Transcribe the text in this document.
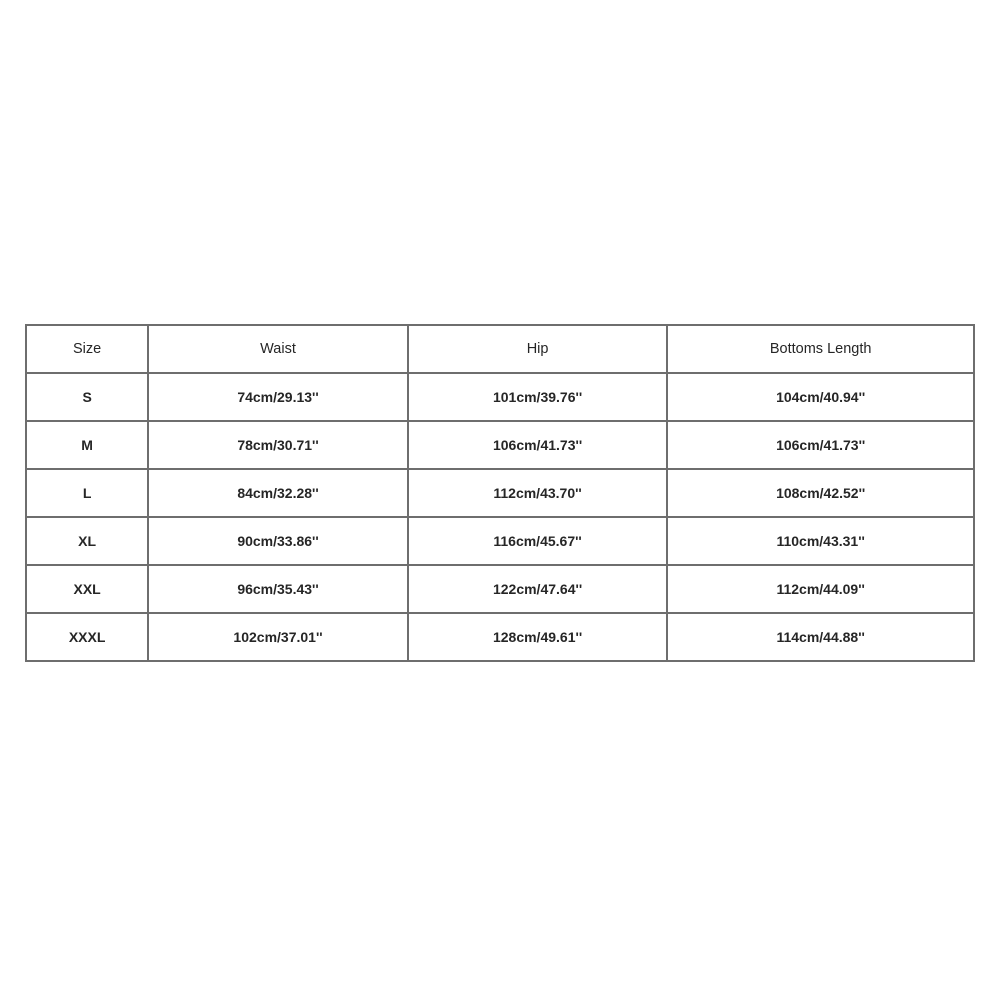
Size	Waist	Hip	Bottoms Length
S	74cm/29.13''	101cm/39.76''	104cm/40.94''
M	78cm/30.71''	106cm/41.73''	106cm/41.73''
L	84cm/32.28''	112cm/43.70''	108cm/42.52''
XL	90cm/33.86''	116cm/45.67''	110cm/43.31''
XXL	96cm/35.43''	122cm/47.64''	112cm/44.09''
XXXL	102cm/37.01''	128cm/49.61''	114cm/44.88''
